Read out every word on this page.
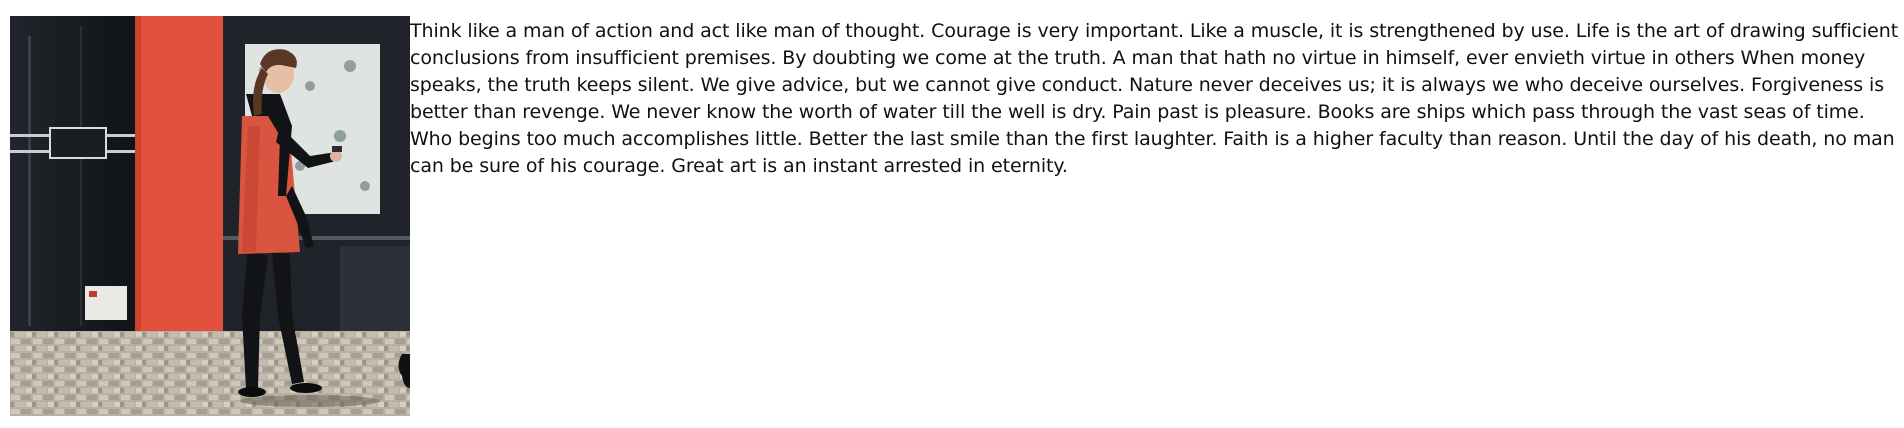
Think like a man of action and act like man of thought. Courage is very important. Like a muscle, it is strengthened by use. Life is the art of drawing sufficient conclusions from insufficient premises. By doubting we come at the truth. A man that hath no virtue in himself, ever envieth virtue in others When money speaks, the truth keeps silent. We give advice, but we cannot give conduct. Nature never deceives us; it is always we who deceive ourselves. Forgiveness is better than revenge. We never know the worth of water till the well is dry. Pain past is pleasure. Books are ships which pass through the vast seas of time. Who begins too much accomplishes little. Better the last smile than the first laughter. Faith is a higher faculty than reason. Until the day of his death, no man can be sure of his courage. Great art is an instant arrested in eternity.
